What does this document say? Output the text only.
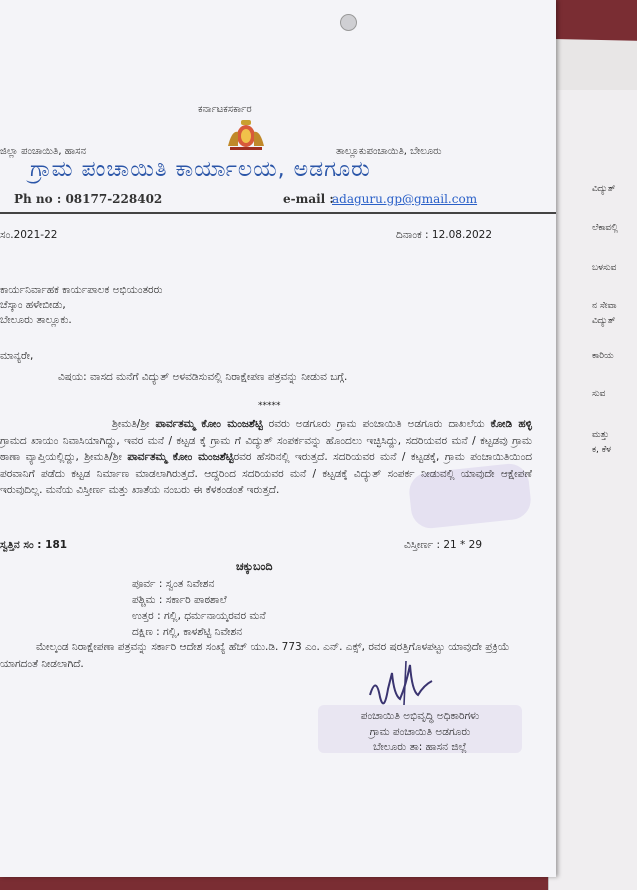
ವಿದ್ಯುತ್
ಲೆಕಾವಲ್ಲಿ
ಬಳಸುವ
ನ ಸೇವಾ
ವಿದ್ಯುತ್
ಕಾರಿಯ
ಸುವ
ಮತ್ತು
ಕ, ಕೆಳ
ಕರ್ನಾಟಕಸರ್ಕಾರ
ಜಿಲ್ಲಾ ಪಂಚಾಯಿತಿ, ಹಾಸನ	ತಾಲ್ಲೂಕುಪಂಚಾಯಿತಿ, ಬೇಲೂರು
ಗ್ರಾಮ ಪಂಚಾಯಿತಿ ಕಾರ್ಯಾಲಯ, ಅಡಗೂರು
Ph no : 08177-228402	e-mail :
adaguru.gp@gmail.com
ಸಂ.2021-22	ದಿನಾಂಕ : 12.08.2022
ಕಾರ್ಯನಿರ್ವಾಹಕ ಕಾರ್ಯಪಾಲಕ ಅಭಿಯಂತರರು
ಚೆಸ್ಕಾಂ ಹಳೇಬೀಡು,
ಬೇಲೂರು ತಾಲ್ಲೂಕು.
ಮಾನ್ಯರೇ,
ವಿಷಯ: ವಾಸದ ಮನೆಗೆ ವಿದ್ಯುತ್ ಅಳವಡಿಸುವಲ್ಲಿ ನಿರಾಕ್ಷೇಪಣ ಪತ್ರವನ್ನು ನೀಡುವ ಬಗ್ಗೆ.
*****
ಶ್ರೀಮತಿ/ಶ್ರೀ ಪಾರ್ವತಮ್ಮ ಕೋಂ ಮಂಜಶೆಟ್ಟಿ ರವರು ಅಡಗೂರು ಗ್ರಾಮ ಪಂಚಾಯಿತಿ ಅಡಗೂರು ದಾಖಲೆಯ ಕೋಡಿ ಹಳ್ಳಿ ಗ್ರಾಮದ ಖಾಯಂ ನಿವಾಸಿಯಾಗಿದ್ದು, ಇವರ ಮನೆ / ಕಟ್ಟಡ ಕ್ಕೆ ಗ್ರಾಮ ಗೆ ವಿದ್ಯುತ್ ಸಂಪರ್ಕವನ್ನು ಹೊಂದಲು ಇಚ್ಛಿಸಿದ್ದು, ಸದರಿಯವರ ಮನೆ / ಕಟ್ಟಡವು ಗ್ರಾಮ ಠಾಣಾ ವ್ಯಾಪ್ತಿಯಲ್ಲಿದ್ದು, ಶ್ರೀಮತಿ/ಶ್ರೀ ಪಾರ್ವತಮ್ಮ ಕೋಂ ಮಂಜಶೆಟ್ಟಿರವರ ಹೆಸರಿನಲ್ಲಿ ಇರುತ್ತದೆ. ಸದರಿಯವರ ಮನೆ / ಕಟ್ಟಡಕ್ಕೆ, ಗ್ರಾಮ ಪಂಚಾಯಿತಿಯಿಂದ ಪರವಾನಿಗೆ ಪಡೆದು ಕಟ್ಟಡ ನಿರ್ಮಾಣ ಮಾಡಲಾಗಿರುತ್ತದೆ. ಆದ್ದರಿಂದ ಸದರಿಯವರ ಮನೆ / ಕಟ್ಟಡಕ್ಕೆ ವಿದ್ಯುತ್ ಸಂಪರ್ಕ ನೀಡುವಲ್ಲಿ ಯಾವುದೇ ಆಕ್ಷೇಪಣೆ ಇರುವುದಿಲ್ಲ. ಮನೆಯ ವಿಸ್ತೀರ್ಣ ಮತ್ತು ಖಾತೆಯ ನಂಬರು ಈ ಕೆಳಕಂಡಂತೆ ಇರುತ್ತದೆ.
ಸ್ವತ್ತಿನ ಸಂ : 181	ವಿಸ್ತೀರ್ಣ : 21 * 29
ಚಕ್ಕುಬಂದಿ
ಪೂರ್ವ : ಸ್ವಂತ ನಿವೇಶನ
ಪಶ್ಚಿಮ : ಸರ್ಕಾರಿ ಪಾಠಶಾಲೆ
ಉತ್ತರ : ಗಲ್ಲಿ, ಧರ್ಮನಾಯ್ಕರವರ ಮನೆ
ದಕ್ಷಿಣ : ಗಲ್ಲಿ, ಕಾಳಶೆಟ್ಟಿ ನಿವೇಶನ
ಮೇಲ್ಕಂಡ ನಿರಾಕ್ಷೇಪಣಾ ಪತ್ರವನ್ನು ಸರ್ಕಾರಿ ಆದೇಶ ಸಂಖ್ಯೆ ಹೆಚ್ ಯು.ಡಿ. 773 ಎಂ. ಎನ್. ಎಕ್ಸ್, ರವರ ಷರತ್ತಿಗೊಳಪಟ್ಟು ಯಾವುದೇ ಪ್ರಕ್ರಿಯೆ ಯಾಗದಂತೆ ನೀಡಲಾಗಿದೆ.
ಪಂಚಾಯಿತಿ ಅಭಿವೃದ್ಧಿ ಅಧಿಕಾರಿಗಳು
ಗ್ರಾಮ ಪಂಚಾಯಿತಿ ಅಡಗೂರು
ಬೇಲೂರು ತಾ: ಹಾಸನ ಜಿಲ್ಲೆ
